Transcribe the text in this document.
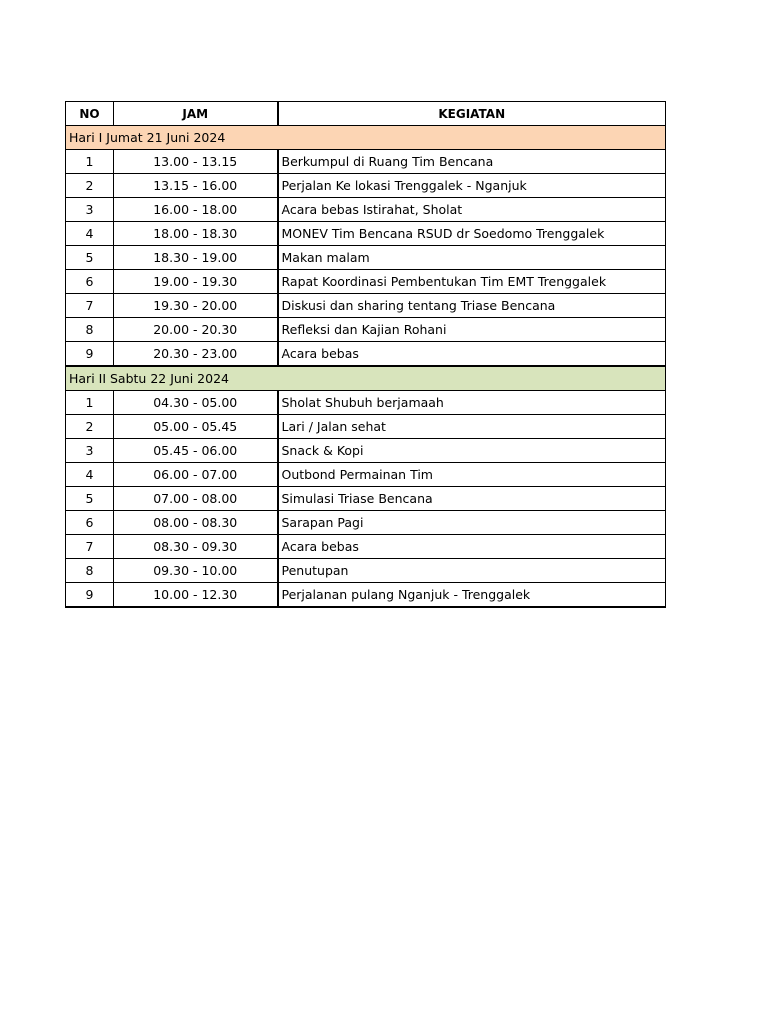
NO	JAM	KEGIATAN
Hari I Jumat 21 Juni 2024		
1	13.00 - 13.15	Berkumpul di Ruang Tim Bencana
2	13.15 - 16.00	Perjalan Ke lokasi Trenggalek - Nganjuk
3	16.00 - 18.00	Acara bebas Istirahat, Sholat
4	18.00 - 18.30	MONEV Tim Bencana RSUD dr Soedomo Trenggalek
5	18.30 - 19.00	Makan malam
6	19.00 - 19.30	Rapat Koordinasi Pembentukan Tim EMT Trenggalek
7	19.30 - 20.00	Diskusi dan sharing tentang Triase Bencana
8	20.00 - 20.30	Refleksi dan Kajian Rohani
9	20.30 - 23.00	Acara bebas
Hari II Sabtu 22 Juni 2024		
1	04.30 - 05.00	Sholat Shubuh berjamaah
2	05.00 - 05.45	Lari / Jalan sehat
3	05.45 - 06.00	Snack & Kopi
4	06.00 - 07.00	Outbond Permainan Tim
5	07.00 - 08.00	Simulasi Triase Bencana
6	08.00 - 08.30	Sarapan Pagi
7	08.30 - 09.30	Acara bebas
8	09.30 - 10.00	Penutupan
9	10.00 - 12.30	Perjalanan pulang Nganjuk - Trenggalek
